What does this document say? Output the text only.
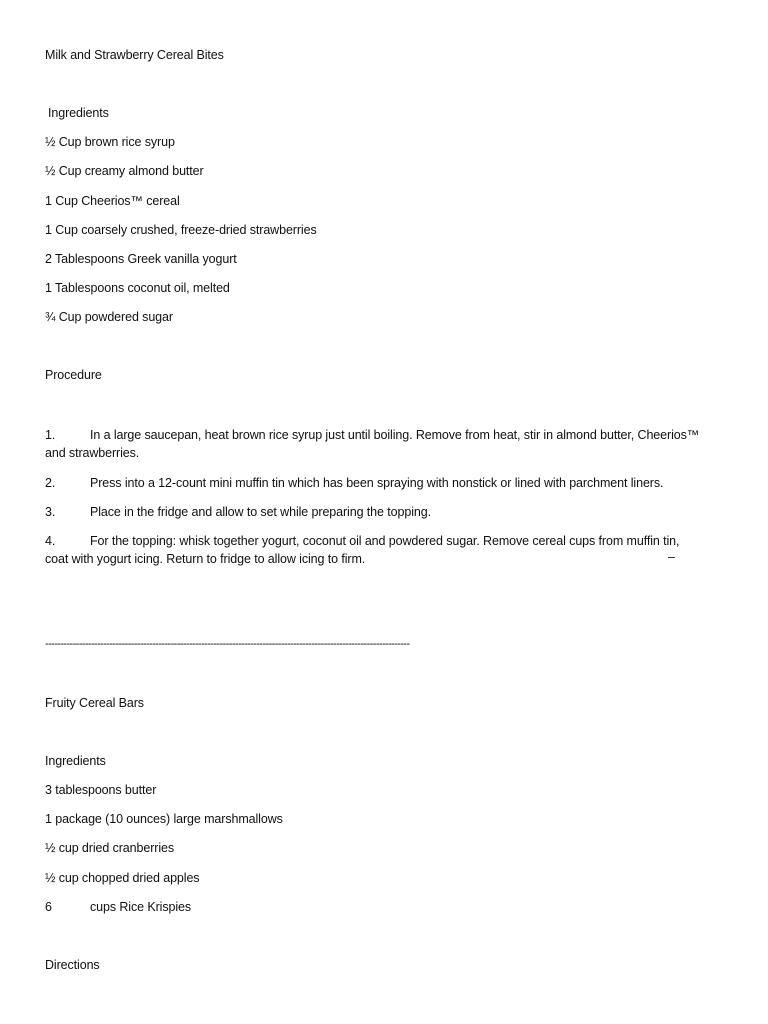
Milk and Strawberry Cereal Bites
Ingredients
½ Cup brown rice syrup
½ Cup creamy almond butter
1 Cup Cheerios™ cereal
1 Cup coarsely crushed, freeze-dried strawberries
2 Tablespoons Greek vanilla yogurt
1 Tablespoons coconut oil, melted
¾ Cup powdered sugar
Procedure
1.	In a large saucepan, heat brown rice syrup just until boiling. Remove from heat, stir in almond butter, Cheerios™
and strawberries.
2.	Press into a 12-count mini muffin tin which has been spraying with nonstick or lined with parchment liners.
3.	Place in the fridge and allow to set while preparing the topping.
4.	For the topping: whisk together yogurt, coconut oil and powdered sugar. Remove cereal cups from muffin tin,
coat with yogurt icing. Return to fridge to allow icing to firm.	–
-----------------------------------------------------------------------------------------------------------------------
Fruity Cereal Bars
Ingredients
3 tablespoons butter
1 package (10 ounces) large marshmallows
½ cup dried cranberries
½ cup chopped dried apples
6	cups Rice Krispies
Directions
